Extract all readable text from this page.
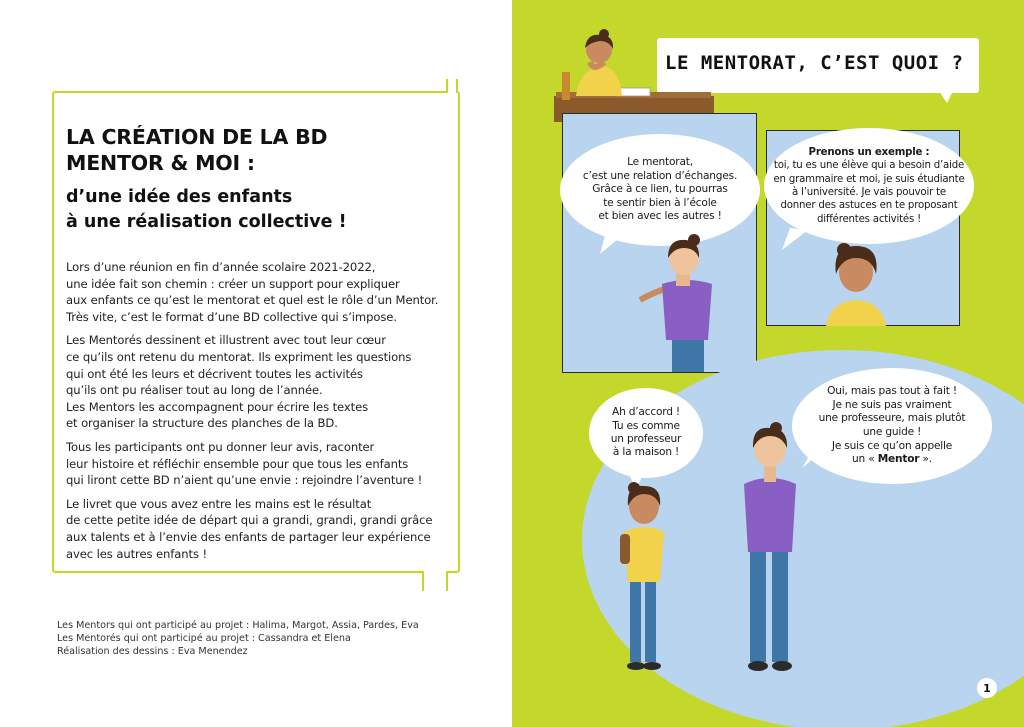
LA CRÉATION DE LA BD
MENTOR & MOI :
d’une idée des enfants
à une réalisation collective !

Lors d’une réunion en fin d’année scolaire 2021-2022,
une idée fait son chemin : créer un support pour expliquer
aux enfants ce qu’est le mentorat et quel est le rôle d’un Mentor.
Très vite, c’est le format d’une BD collective qui s’impose.

Les Mentorés dessinent et illustrent avec tout leur cœur
ce qu’ils ont retenu du mentorat. Ils expriment les questions
qui ont été les leurs et décrivent toutes les activités
qu’ils ont pu réaliser tout au long de l’année.
Les Mentors les accompagnent pour écrire les textes
et organiser la structure des planches de la BD.

Tous les participants ont pu donner leur avis, raconter
leur histoire et réfléchir ensemble pour que tous les enfants
qui liront cette BD n’aient qu’une envie : rejoindre l’aventure !

Le livret que vous avez entre les mains est le résultat
de cette petite idée de départ qui a grandi, grandi, grandi grâce
aux talents et à l’envie des enfants de partager leur expérience
avec les autres enfants !

Les Mentors qui ont participé au projet : Halima, Margot, Assia, Pardes, Eva
Les Mentorés qui ont participé au projet : Cassandra et Elena
Réalisation des dessins : Eva Menendez
LE MENTORAT, C’EST QUOI ?
Le mentorat,
c’est une relation d’échanges.
Grâce à ce lien, tu pourras
te sentir bien à l’école
et bien avec les autres !
Prenons un exemple :
toi, tu es une élève qui a besoin d’aide
en grammaire et moi, je suis étudiante
à l’université. Je vais pouvoir te
donner des astuces en te proposant
différentes activités !
Ah d’accord !
Tu es comme
un professeur
à la maison !
Oui, mais pas tout à fait !
Je ne suis pas vraiment
une professeure, mais plutôt
une guide !
Je suis ce qu’on appelle
un « Mentor ».
1
